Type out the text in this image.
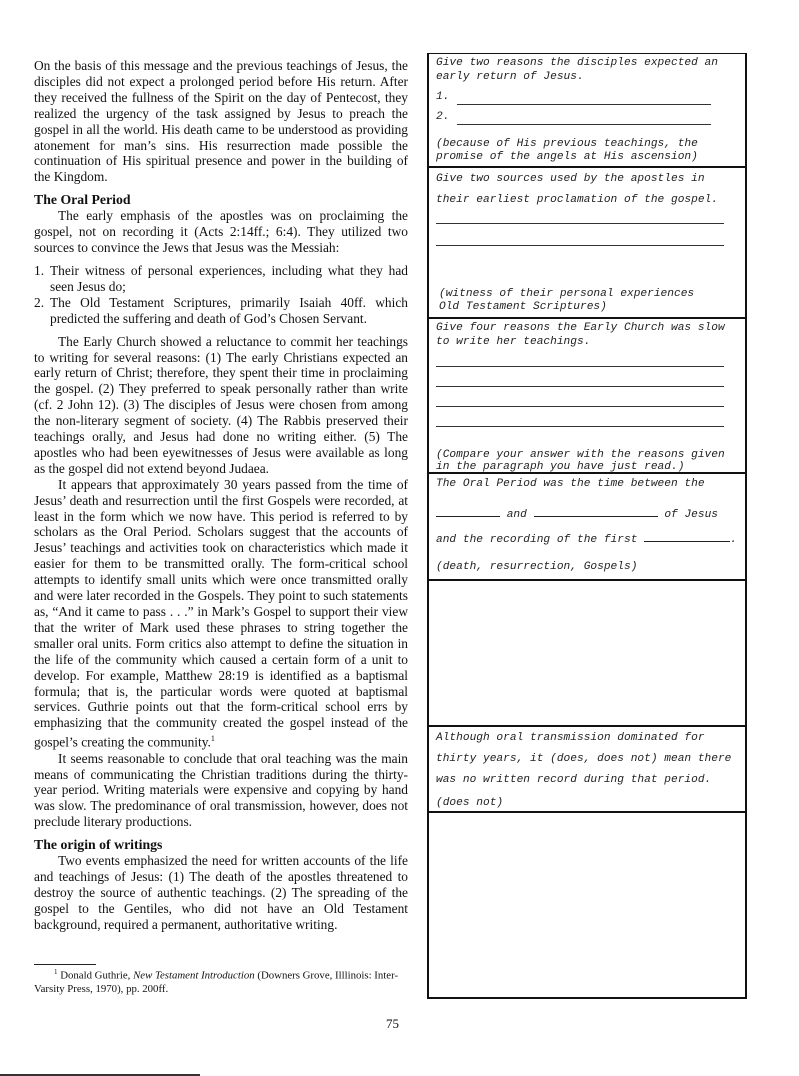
On the basis of this message and the previous teachings of Jesus, the disciples did not expect a prolonged period before His return. After they received the fullness of the Spirit on the day of Pentecost, they realized the urgency of the task assigned by Jesus to preach the gospel in all the world. His death came to be understood as providing atonement for man’s sins. His resurrection made possible the continuation of His spiritual presence and power in the building of the Kingdom.

The Oral Period

The early emphasis of the apostles was on proclaiming the gospel, not on recording it (Acts 2:14ff.; 6:4). They utilized two sources to convince the Jews that Jesus was the Messiah:

1. Their witness of personal experiences, including what they had seen Jesus do;
2. The Old Testament Scriptures, primarily Isaiah 40ff. which predicted the suffering and death of God’s Chosen Servant.

The Early Church showed a reluctance to commit her teachings to writing for several reasons: (1) The early Christians expected an early return of Christ; therefore, they spent their time in proclaiming the gospel. (2) They preferred to speak personally rather than write (cf. 2 John 12). (3) The disciples of Jesus were chosen from among the non-literary segment of society. (4) The Rabbis preserved their teachings orally, and Jesus had done no writing either. (5) The apostles who had been eyewitnesses of Jesus were available as long as the gospel did not extend beyond Judaea.

It appears that approximately 30 years passed from the time of Jesus’ death and resurrection until the first Gospels were recorded, at least in the form which we now have. This period is referred to by scholars as the Oral Period. Scholars suggest that the accounts of Jesus’ teachings and activities took on characteristics which made it easier for them to be transmitted orally. The form-critical school attempts to identify small units which were once transmitted orally and were later recorded in the Gospels. They point to such statements as, “And it came to pass . . .” in Mark’s Gospel to support their view that the writer of Mark used these phrases to string together the smaller oral units. Form critics also attempt to define the situation in the life of the community which caused a certain form of a unit to develop. For example, Matthew 28:19 is identified as a baptismal formula; that is, the particular words were quoted at baptismal services. Guthrie points out that the form-critical school errs by emphasizing that the community created the gospel instead of the gospel’s creating the community.$^1$

It seems reasonable to conclude that oral teaching was the main means of communicating the Christian traditions during the thirty-year period. Writing materials were expensive and copying by hand was slow. The predominance of oral transmission, however, does not preclude literary productions.

The origin of writings

Two events emphasized the need for written accounts of the life and teachings of Jesus: (1) The death of the apostles threatened to destroy the source of authentic teachings. (2) The spreading of the gospel to the Gentiles, who did not have an Old Testament background, required a permanent, authoritative writing.

$^1$ Donald Guthrie, New Testament Introduction (Downers Grove, Illlinois: Inter-Varsity Press, 1970), pp. 200ff.
75
Give two reasons the disciples expected an
early return of Jesus.
1.
2.
(because of His previous teachings, the
promise of the angels at His ascension)
Give two sources used by the apostles in
their earliest proclamation of the gospel.
(witness of their personal experiences
Old Testament Scriptures)
Give four reasons the Early Church was slow
to write her teachings.
(Compare your answer with the reasons given
in the paragraph you have just read.)
The Oral Period was the time between the
and	of Jesus
and the recording of the first	.
(death, resurrection, Gospels)
Although oral transmission dominated for
thirty years, it (does, does not) mean there
was no written record during that period.
(does not)
